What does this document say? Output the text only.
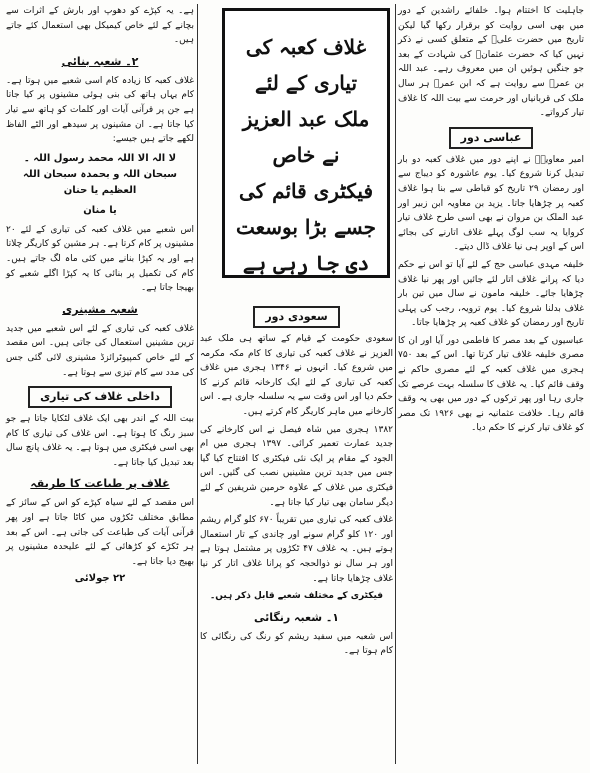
غلاف کعبہ کی
تیاری کے لئے
ملک عبد العزیز
نے خاص
فیکٹری قائم کی
جسے بڑا بوسعت
دی جا رہی ہے

جاہلیت کا اختتام ہوا۔ خلفائے راشدین کے دور میں بھی اسی روایت کو برقرار رکھا گیا لیکن تاریخ میں حضرت علیؓ کے متعلق کسی نے ذکر نہیں کیا کہ حضرت عثمانؓ کی شہادت کے بعد جو جنگیں ہوئیں ان میں معروف رہے۔ عبد اللہ بن عمرؓ سے روایت ہے کہ ابن عمرؓ ہر سال ملک کی قربانیاں اور حرمت سے بیت اللہ کا غلاف تیار کرواتے۔

عباسی دور

امیر معاویہؓ نے اپنے دور میں غلاف کعبہ دو بار تبدیل کرنا شروع کیا۔ یوم عاشورہ کو دیباج سے اور رمضان ۲۹ تاریخ کو قباطی سے بنا ہوا غلاف کعبہ پر چڑھایا جاتا۔ یزید بن معاویہ ابن زبیر اور عبد الملک بن مروان نے بھی اسی طرح غلاف تیار کروایا یہ سب لوگ پہلے غلاف اتارنے کی بجائے اس کے اوپر ہی نیا غلاف ڈال دیتے۔

خلیفہ مہدی عباسی حج کے لئے آیا تو اس نے حکم دیا کہ پرانے غلاف اتار لئے جائیں اور پھر نیا غلاف چڑھایا جائے۔ خلیفہ مامون نے سال میں تین بار غلاف بدلنا شروع کیا۔ یوم ترویہ، رجب کی پہلی تاریخ اور رمضان کو غلاف کعبہ پر چڑھایا جاتا۔

عباسیوں کے بعد مصر کا فاطمی دور آیا اور ان کا مصری خلیفہ غلاف تیار کرتا تھا۔ اس کے بعد ۷۵۰ ہجری میں غلاف کعبہ کے لئے مصری حاکم نے وقف قائم کیا۔ یہ غلاف کا سلسلہ بہت عرصے تک جاری رہا اور پھر ترکوں کے دور میں بھی یہ وقف قائم رہا۔ خلافت عثمانیہ نے بھی ۱۹۲۶ تک مصر کو غلاف تیار کرنے کا حکم دیا۔

سعودی دور

سعودی حکومت کے قیام کے ساتھ ہی ملک عبد العزیز نے غلاف کعبہ کی تیاری کا کام مکہ مکرمہ میں شروع کیا۔ انہوں نے ۱۳۴۶ ہجری میں غلاف کعبہ کی تیاری کے لئے ایک کارخانہ قائم کرنے کا حکم دیا اور اس وقت سے یہ سلسلہ جاری ہے۔ اس کارخانے میں ماہر کاریگر کام کرتے ہیں۔

۱۳۸۲ ہجری میں شاہ فیصل نے اس کارخانے کی جدید عمارت تعمیر کرائی۔ ۱۳۹۷ ہجری میں ام الجود کے مقام پر ایک نئی فیکٹری کا افتتاح کیا گیا جس میں جدید ترین مشینیں نصب کی گئیں۔ اس فیکٹری میں غلاف کے علاوہ حرمین شریفین کے لئے دیگر سامان بھی تیار کیا جاتا ہے۔

غلاف کعبہ کی تیاری میں تقریباً ۶۷۰ کلو گرام ریشم اور ۱۲۰ کلو گرام سونے اور چاندی کے تار استعمال ہوتے ہیں۔ یہ غلاف ۴۷ ٹکڑوں پر مشتمل ہوتا ہے اور ہر سال نو ذوالحجہ کو پرانا غلاف اتار کر نیا غلاف چڑھایا جاتا ہے۔

فیکٹری کے مختلف شعبے قابل ذکر ہیں۔

۱۔ شعبہ رنگائی

اس شعبہ میں سفید ریشم کو رنگ کی رنگائی کا کام ہوتا ہے۔

ہے۔ یہ کپڑے کو دھوپ اور بارش کے اثرات سے بچانے کے لئے خاص کیمیکل بھی استعمال کئے جاتے ہیں۔

۲۔ شعبہ بنائی

غلاف کعبہ کا زیادہ کام اسی شعبے میں ہوتا ہے۔ کام یہاں ہاتھ کی بنی ہوئی مشینوں پر کیا جاتا ہے جن پر قرآنی آیات اور کلمات کو ہاتھ سے تیار کیا جاتا ہے۔ ان مشینوں پر سیدھے اور الٹے الفاظ لکھے جاتے ہیں جیسے:

لا الہ الا اللہ محمد رسول اللہ ۔ سبحان اللہ و بحمدہ سبحان اللہ العظیم یا حنان
یا منان

اس شعبے میں غلاف کعبہ کی تیاری کے لئے ۲۰ مشینوں پر کام کرتا ہے۔ ہر مشین کو کاریگر چلاتا ہے اور یہ کپڑا بنانے میں کئی ماہ لگ جاتے ہیں۔ کام کی تکمیل پر بنائی کا یہ کپڑا اگلے شعبے کو بھیجا جاتا ہے۔

شعبہ مشینری

غلاف کعبہ کی تیاری کے لئے اس شعبے میں جدید ترین مشینیں استعمال کی جاتی ہیں۔ اس مقصد کے لئے خاص کمپیوٹرائزڈ مشینری لائی گئی جس کی مدد سے کام تیزی سے ہوتا ہے۔

داخلی غلاف کی تیاری

بیت اللہ کے اندر بھی ایک غلاف لٹکایا جاتا ہے جو سبز رنگ کا ہوتا ہے۔ اس غلاف کی تیاری کا کام بھی اسی فیکٹری میں ہوتا ہے۔ یہ غلاف پانچ سال بعد تبدیل کیا جاتا ہے۔

غلاف پر طباعت کا طریقہ

اس مقصد کے لئے سیاہ کپڑے کو اس کے سائز کے مطابق مختلف ٹکڑوں میں کاٹا جاتا ہے اور پھر قرآنی آیات کی طباعت کی جاتی ہے۔ اس کے بعد ہر ٹکڑے کو کڑھائی کے لئے علیحدہ مشینوں پر بھیج دیا جاتا ہے۔

۲۲ جولائی
